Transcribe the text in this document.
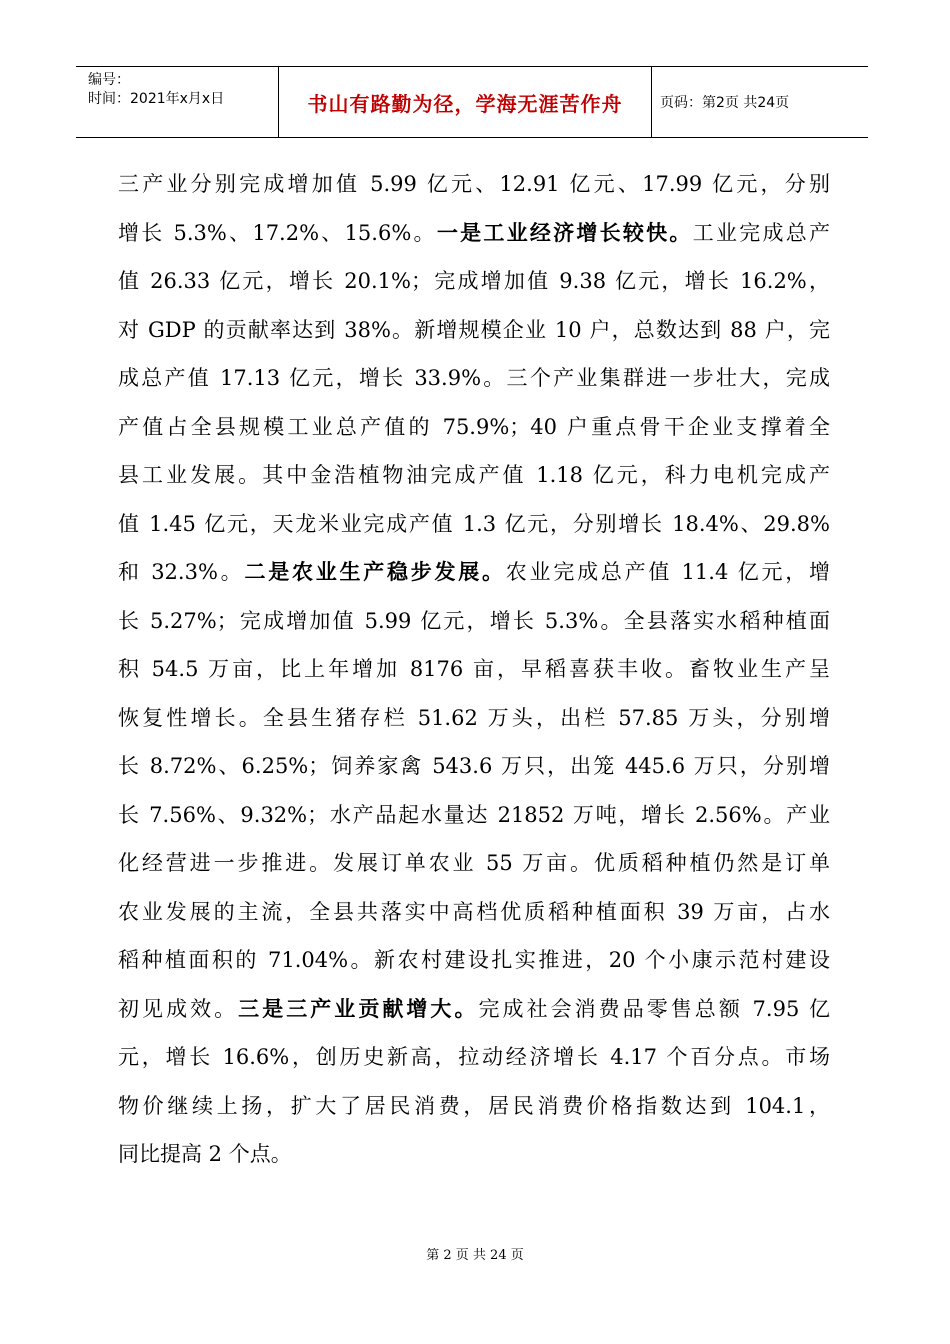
编号：
时间：2021年x月x日	书山有路勤为径，学海无涯苦作舟	页码：第2页 共24页
三产业分别完成增加值 5.99 亿元、12.91 亿元、17.99 亿元，分别
增长 5.3%、17.2%、15.6%。一是工业经济增长较快。工业完成总产
值 26.33 亿元，增长 20.1%；完成增加值 9.38 亿元，增长 16.2%，
对 GDP 的贡献率达到 38%。新增规模企业 10 户，总数达到 88 户，完
成总产值 17.13 亿元，增长 33.9%。三个产业集群进一步壮大，完成
产值占全县规模工业总产值的 75.9%；40 户重点骨干企业支撑着全
县工业发展。其中金浩植物油完成产值 1.18 亿元，科力电机完成产
值 1.45 亿元，天龙米业完成产值 1.3 亿元，分别增长 18.4%、29.8%
和 32.3%。二是农业生产稳步发展。农业完成总产值 11.4 亿元，增
长 5.27%；完成增加值 5.99 亿元，增长 5.3%。全县落实水稻种植面
积 54.5 万亩，比上年增加 8176 亩，早稻喜获丰收。畜牧业生产呈
恢复性增长。全县生猪存栏 51.62 万头，出栏 57.85 万头，分别增
长 8.72%、6.25%；饲养家禽 543.6 万只，出笼 445.6 万只，分别增
长 7.56%、9.32%；水产品起水量达 21852 万吨，增长 2.56%。产业
化经营进一步推进。发展订单农业 55 万亩。优质稻种植仍然是订单
农业发展的主流，全县共落实中高档优质稻种植面积 39 万亩，占水
稻种植面积的 71.04%。新农村建设扎实推进，20 个小康示范村建设
初见成效。三是三产业贡献增大。完成社会消费品零售总额 7.95 亿
元，增长 16.6%，创历史新高，拉动经济增长 4.17 个百分点。市场
物价继续上扬，扩大了居民消费，居民消费价格指数达到 104.1，
同比提高 2 个点。
第 2 页 共 24 页
